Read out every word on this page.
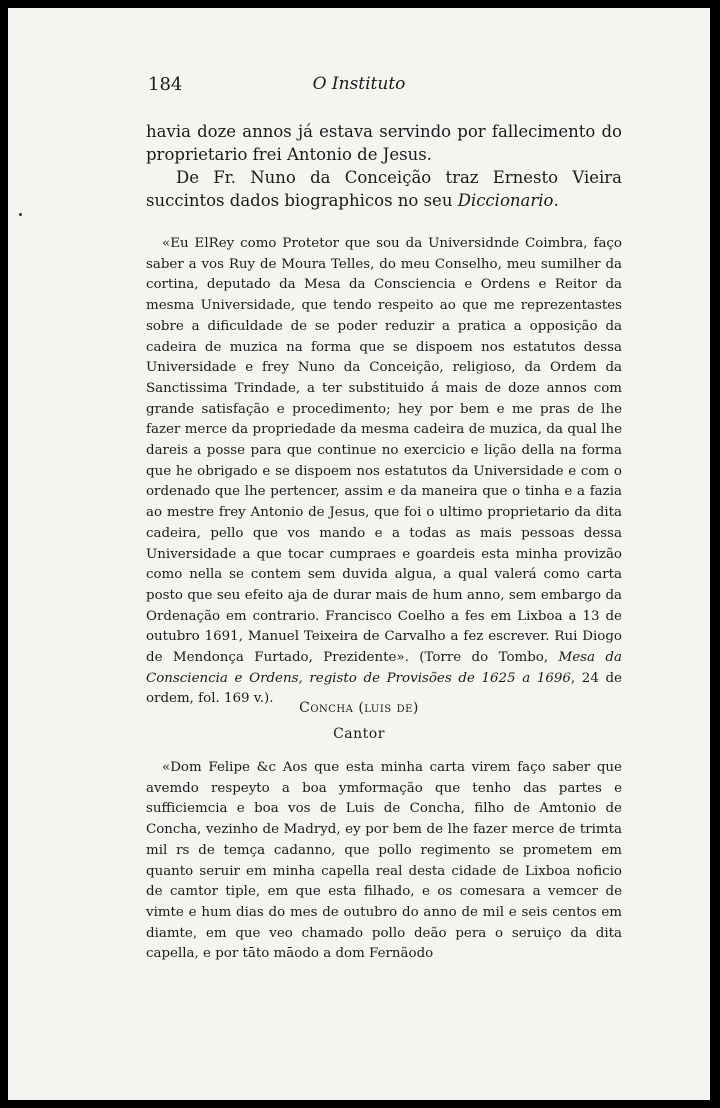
184	O Instituto

havia doze annos já estava servindo por fallecimento do proprietario frei Antonio de Jesus.

De Fr. Nuno da Conceição traz Ernesto Vieira succintos dados biographicos no seu Diccionario.

«Eu ElRey como Protetor que sou da Universidnde Coimbra, faço saber a vos Ruy de Moura Telles, do meu Conselho, meu sumilher da cortina, deputado da Mesa da Consciencia e Ordens e Reitor da mesma Universidade, que tendo respeito ao que me reprezentastes sobre a dificuldade de se poder reduzir a pratica a opposição da cadeira de muzica na forma que se dispoem nos estatutos dessa Universidade e frey Nuno da Conceição, religioso, da Ordem da Sanctissima Trindade, a ter substituido á mais de doze annos com grande satisfação e procedimento; hey por bem e me pras de lhe fazer merce da propriedade da mesma cadeira de muzica, da qual lhe dareis a posse para que continue no exercicio e lição della na forma que he obrigado e se dispoem nos estatutos da Universidade e com o ordenado que lhe pertencer, assim e da maneira que o tinha e a fazia ao mestre frey Antonio de Jesus, que foi o ultimo proprietario da dita cadeira, pello que vos mando e a todas as mais pessoas dessa Universidade a que tocar cumpraes e goardeis esta minha provizão como nella se contem sem duvida algua, a qual valerá como carta posto que seu efeito aja de durar mais de hum anno, sem embargo da Ordenação em contrario. Francisco Coelho a fes em Lixboa a 13 de outubro 1691, Manuel Teixeira de Carvalho a fez escrever. Rui Diogo de Mendonça Furtado, Prezidente». (Torre do Tombo, Mesa da Consciencia e Ordens, registo de Provisões de 1625 a 1696, 24 de ordem, fol. 169 v.).

Concha (luis de)
Cantor

«Dom Felipe &c Aos que esta minha carta virem faço saber que avemdo respeyto a boa ymformação que tenho das partes e sufficiemcia e boa vos de Luis de Concha, filho de Amtonio de Concha, vezinho de Madryd, ey por bem de lhe fazer merce de trimta mil rs de temça cadanno, que pollo regimento se prometem em quanto seruir em minha capella real desta cidade de Lixboa noficio de camtor tiple, em que esta filhado, e os comesara a vemcer de vimte e hum dias do mes de outubro do anno de mil e seis centos em diamte, em que veo chamado pollo deão pera o seruiço da dita capella, e por tāto māodo a dom Fernãodo
